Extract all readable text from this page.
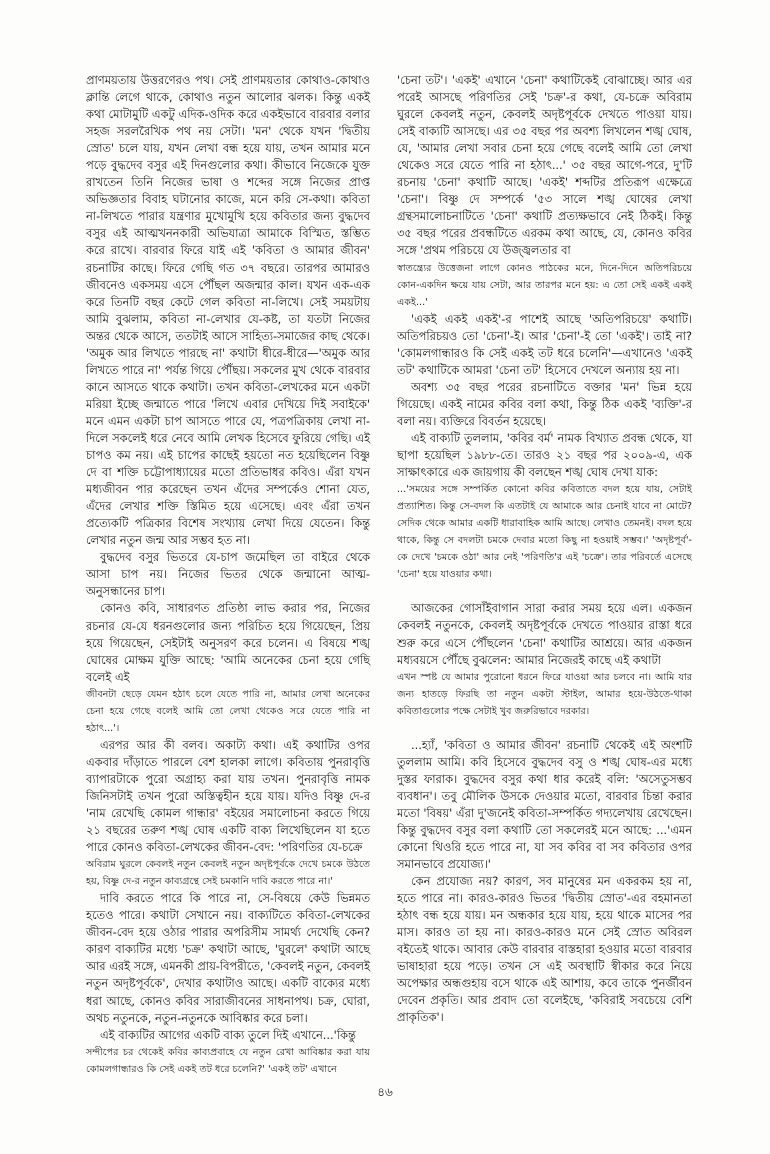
প্রাণময়তায় উত্তরণেরও পথ। সেই প্রাণময়তার কোথাও-কোথাও ক্লান্তি লেগে থাকে, কোথাও নতুন আলোর ঝলক। কিন্তু একই কথা মোটামুটি একটু এদিক-ওদিক করে একইভাবে বারবার বলার সহজ সরলরৈখিক পথ নয় সেটা। 'মন' থেকে যখন 'দ্বিতীয় স্রোত' চলে যায়, যখন লেখা বন্ধ হয়ে যায়, তখন আমার মনে পড়ে বুদ্ধদেব বসুর এই দিনগুলোর কথা। কীভাবে নিজেকে যুক্ত রাখতেন তিনি নিজের ভাষা ও শব্দের সঙ্গে নিজের প্রাপ্ত অভিজ্ঞতার বিবাহ ঘটানোর কাজে, মনে করি সে-কথা। কবিতা না-লিখতে পারার যন্ত্রণার মুখোমুখি হয়ে কবিতার জন্য বুদ্ধদেব বসুর এই আত্মখননকারী অভিযাত্রা আমাকে বিস্মিত, স্তম্ভিত করে রাখে। বারবার ফিরে যাই এই 'কবিতা ও আমার জীবন' রচনাটির কাছে। ফিরে গেছি গত ৩৭ বছরে। তারপর আমারও জীবনেও একসময় এসে পৌঁছল অজন্মার কাল। যখন এক-এক করে তিনটি বছর কেটে গেল কবিতা না-লিখে। সেই সময়টায় আমি বুঝলাম, কবিতা না-লেখার যে-কষ্ট, তা যতটা নিজের অন্তর থেকে আসে, ততটাই আসে সাহিত্য-সমাজের কাছ থেকে। 'অমুক আর লিখতে পারছে না' কথাটা ধীরে-ধীরে—'অমুক আর লিখতে পারে না' পর্যন্ত গিয়ে পৌঁছয়। সকলের মুখ থেকে বারবার কানে আসতে থাকে কথাটা। তখন কবিতা-লেখকের মনে একটা মরিয়া ইচ্ছে জন্মাতে পারে 'লিখে এবার দেখিয়ে দিই সবাইকে' মনে এমন একটা চাপ আসতে পারে যে, পত্রপত্রিকায় লেখা না-দিলে সকলেই ধরে নেবে আমি লেখক হিসেবে ফুরিয়ে গেছি। এই চাপও কম নয়। এই চাপের কাছেই হয়তো নত হয়েছিলেন বিষ্ণু দে বা শক্তি চট্টোপাধ্যায়ের মতো প্রতিভাধর কবিও। এঁরা যখন মধ্যজীবন পার করেছেন তখন এঁদের সম্পর্কেও শোনা যেত, এঁদের লেখার শক্তি স্তিমিত হয়ে এসেছে। এবং এঁরা তখন প্রত্যেকটি পত্রিকার বিশেষ সংখ্যায় লেখা দিয়ে যেতেন। কিন্তু লেখার নতুন জন্ম আর সম্ভব হত না।

বুদ্ধদেব বসুর ভিতরে যে-চাপ জমেছিল তা বাইরে থেকে আসা চাপ নয়। নিজের ভিতর থেকে জন্মানো আত্ম-অনুসন্ধানের চাপ।

কোনও কবি, সাধারণত প্রতিষ্ঠা লাভ করার পর, নিজের রচনার যে-যে ধরনগুলোর জন্য পরিচিত হয়ে গিয়েছেন, প্রিয় হয়ে গিয়েছেন, সেইটাই অনুসরণ করে চলেন। এ বিষয়ে শঙ্খ ঘোষের মোক্ষম যুক্তি আছে: 'আমি অনেকের চেনা হয়ে গেছি বলেই এই

জীবনটা ছেড়ে যেমন হঠাৎ চলে যেতে পারি না, আমার লেখা অনেকের চেনা হয়ে গেছে বলেই আমি তো লেখা থেকেও সরে যেতে পারি না হঠাৎ...'।

এরপর আর কী বলব। অকাট্য কথা। এই কথাটির ওপর একবার দাঁড়াতে পারলে বেশ হালকা লাগে। কবিতায় পুনরাবৃত্তি ব্যাপারটাকে পুরো অগ্রাহ্য করা যায় তখন। পুনরাবৃত্তি নামক জিনিসটাই তখন পুরো অস্তিত্বহীন হয়ে যায়। যদিও বিষ্ণু দে-র 'নাম রেখেছি কোমল গান্ধার' বইয়ের সমালোচনা করতে গিয়ে ২১ বছরের তরুণ শঙ্খ ঘোষ একটি বাক্য লিখেছিলেন যা হতে পারে কোনও কবিতা-লেখকের জীবন-বেদ: 'পরিণতির যে-চক্রে

অবিরাম ঘুরলে কেবলই নতুন কেবলই নতুন অদৃষ্টপূর্বকে দেখে চমকে উঠতে হয়, বিষ্ণু দে-র নতুন কাব্যগ্রন্থে সেই চমকানি দাবি করতে পারে না।'

দাবি করতে পারে কি পারে না, সে-বিষয়ে কেউ ভিন্নমত হতেও পারে। কথাটা সেখানে নয়। বাক্যটিতে কবিতা-লেখকের জীবন-বেদ হয়ে ওঠার পারার অপরিসীম সামর্থ্য দেখেছি কেন? কারণ বাক্যটির মধ্যে 'চক্র' কথাটা আছে, 'ঘুরলে' কথাটা আছে আর এরই সঙ্গে, এমনকী প্রায়-বিপরীতে, 'কেবলই নতুন, কেবলই নতুন অদৃষ্টপূর্বকে', দেখার কথাটাও আছে। একটি বাক্যের মধ্যে ধরা আছে, কোনও কবির সারাজীবনের সাধনাপথ। চক্র, ঘোরা, অথচ নতুনকে, নতুন-নতুনকে আবিষ্কার করে চলা।

এই বাক্যটির আগের একটি বাক্য তুলে দিই এখানে...'কিন্তু

সন্দীপের চর থেকেই কবির কাব্যপ্রবাহে যে নতুন রেখা আবিষ্কার করা যায় কোমলগান্ধারও কি সেই একই তট ধরে চলেনি?' 'একই তট' এখানে

'চেনা তট'। 'একই' এখানে 'চেনা' কথাটিকেই বোঝাচ্ছে। আর এর পরেই আসছে পরিণতির সেই 'চক্র'-র কথা, যে-চক্রে অবিরাম ঘুরলে কেবলই নতুন, কেবলই অদৃষ্টপূর্বকে দেখতে পাওয়া যায়। সেই বাক্যটি আসছে। এর ৩৫ বছর পর অবশ্য লিখলেন শঙ্খ ঘোষ, যে, 'আমার লেখা সবার চেনা হয়ে গেছে বলেই আমি তো লেখা থেকেও সরে যেতে পারি না হঠাৎ...' ৩৫ বছর আগে-পরে, দু'টি রচনায় 'চেনা' কথাটি আছে। 'একই' শব্দটির প্রতিরূপ এক্ষেত্রে 'চেনা'। বিষ্ণু দে সম্পর্কে '৫৩ সালে শঙ্খ ঘোষের লেখা গ্রন্থসমালোচনাটিতে 'চেনা' কথাটি প্রত্যক্ষভাবে নেই ঠিকই। কিন্তু ৩৫ বছর পরের প্রবন্ধটিতে এরকম কথা আছে, যে, কোনও কবির সঙ্গে 'প্রথম পরিচয়ে যে উজ্জ্বলতার বা

স্বাতন্ত্র্যের উত্তেজনা লাগে কোনও পাঠকের মনে, দিনে-দিনে অতিপরিচয়ে কোন-একদিন ক্ষয়ে যায় সেটা, আর তারপর মনে হয়: এ তো সেই একই একই একই...'

'একই একই একই'-র পাশেই আছে 'অতিপরিচয়ে' কথাটি। অতিপরিচয়ও তো 'চেনা'-ই। আর 'চেনা'-ই তো 'একই'। তাই না? 'কোমলগান্ধারও কি সেই একই তট ধরে চলেনি'—এখানেও 'একই তট' কথাটিকে আমরা 'চেনা তট' হিসেবে দেখলে অন্যায় হয় না।

অবশ্য ৩৫ বছর পরের রচনাটিতে বক্তার 'মন' ভিন্ন হয়ে গিয়েছে। একই নামের কবির বলা কথা, কিন্তু ঠিক একই 'ব্যক্তি'-র বলা নয়। ব্যক্তিরে বিবর্তন হয়েছে।

এই বাক্যটি তুললাম, 'কবির বর্ম' নামক বিখ্যাত প্রবন্ধ থেকে, যা ছাপা হয়েছিল ১৯৮৮-তে। তারও ২১ বছর পর ২০০৯-এ, এক সাক্ষাৎকারে এক জায়গায় কী বলছেন শঙ্খ ঘোষ দেখা যাক:

...'সময়ের সঙ্গে সম্পর্কিত কোনো কবির কবিতাতে বদল হয়ে যায়, সেটাই প্রত্যাশিত। কিন্তু সে-বদল কি এতটাই যে আমাকে আর চেনাই যাবে না মোটে? সেদিক থেকে আমার একটি ধারাবাহিক আমি আছে। লেখাও তেমনই। বদল হয়ে থাকে, কিন্তু সে বদলটা চমকে দেবার মতো কিছু না হওয়াই সম্ভব।' 'অদৃষ্টপূর্ব'-কে দেখে 'চমকে ওঠা' আর নেই 'পরিণতি'র এই 'চক্রে'। তার পরিবর্তে এসেছে 'চেনা' হয়ে যাওয়ার কথা।

আজকের গোসাঁইবাগান সারা করার সময় হয়ে এল। একজন কেবলই নতুনকে, কেবলই অদৃষ্টপূর্বকে দেখতে পাওয়ার রাস্তা ধরে শুরু করে এসে পৌঁছলেন 'চেনা' কথাটির আশ্রয়ে। আর একজন মধ্যবয়সে পৌঁছে বুঝলেন: আমার নিজেরই কাছে এই কথাটা

এখন স্পষ্ট যে আমার পুরোনো ধরনে ফিরে যাওয়া আর চলবে না। আমি যার জন্য হাতড়ে ফিরছি তা নতুন একটা স্টাইল, আমার হয়ে-উঠতে-থাকা কবিতাগুলোর পক্ষে সেটাই খুব জরুরিভাবে দরকার।

...হ্যাঁ, 'কবিতা ও আমার জীবন' রচনাটি থেকেই এই অংশটি তুললাম আমি। কবি হিসেবে বুদ্ধদেব বসু ও শঙ্খ ঘোষ-এর মধ্যে দুস্তর ফারাক। বুদ্ধদেব বসুর কথা ধার করেই বলি: 'অসেতুসম্ভব ব্যবধান'। তবু মৌলিক উসকে দেওয়ার মতো, বারবার চিন্তা করার মতো 'বিষয়' এঁরা দু'জনেই কবিতা-সম্পর্কিত গদ্যলেখায় রেখেছেন। কিন্তু বুদ্ধদেব বসুর বলা কথাটি তো সকলেরই মনে আছে: ...'এমন কোনো থিওরি হতে পারে না, যা সব কবির বা সব কবিতার ওপর সমানভাবে প্রযোজ্য।'

কেন প্রযোজ্য নয়? কারণ, সব মানুষের মন একরকম হয় না, হতে পারে না। কারও-কারও ভিতর 'দ্বিতীয় স্রোত'-এর বহমানতা হঠাৎ বন্ধ হয়ে যায়। মন অন্ধকার হয়ে যায়, হয়ে থাকে মাসের পর মাস। কারও তা হয় না। কারও-কারও মনে সেই স্রোত অবিরল বইতেই থাকে। আবার কেউ বারবার বাস্তহারা হওয়ার মতো বারবার ভাষাহারা হয়ে পড়ে। তখন সে এই অবস্থাটি স্বীকার করে নিয়ে অপেক্ষার অন্ধগুহায় বসে থাকে এই আশায়, কবে তাকে পুনর্জীবন দেবেন প্রকৃতি। আর প্রবাদ তো বলেইছে, 'কবিরাই সবচেয়ে বেশি প্রাকৃতিক'।

৪৬
